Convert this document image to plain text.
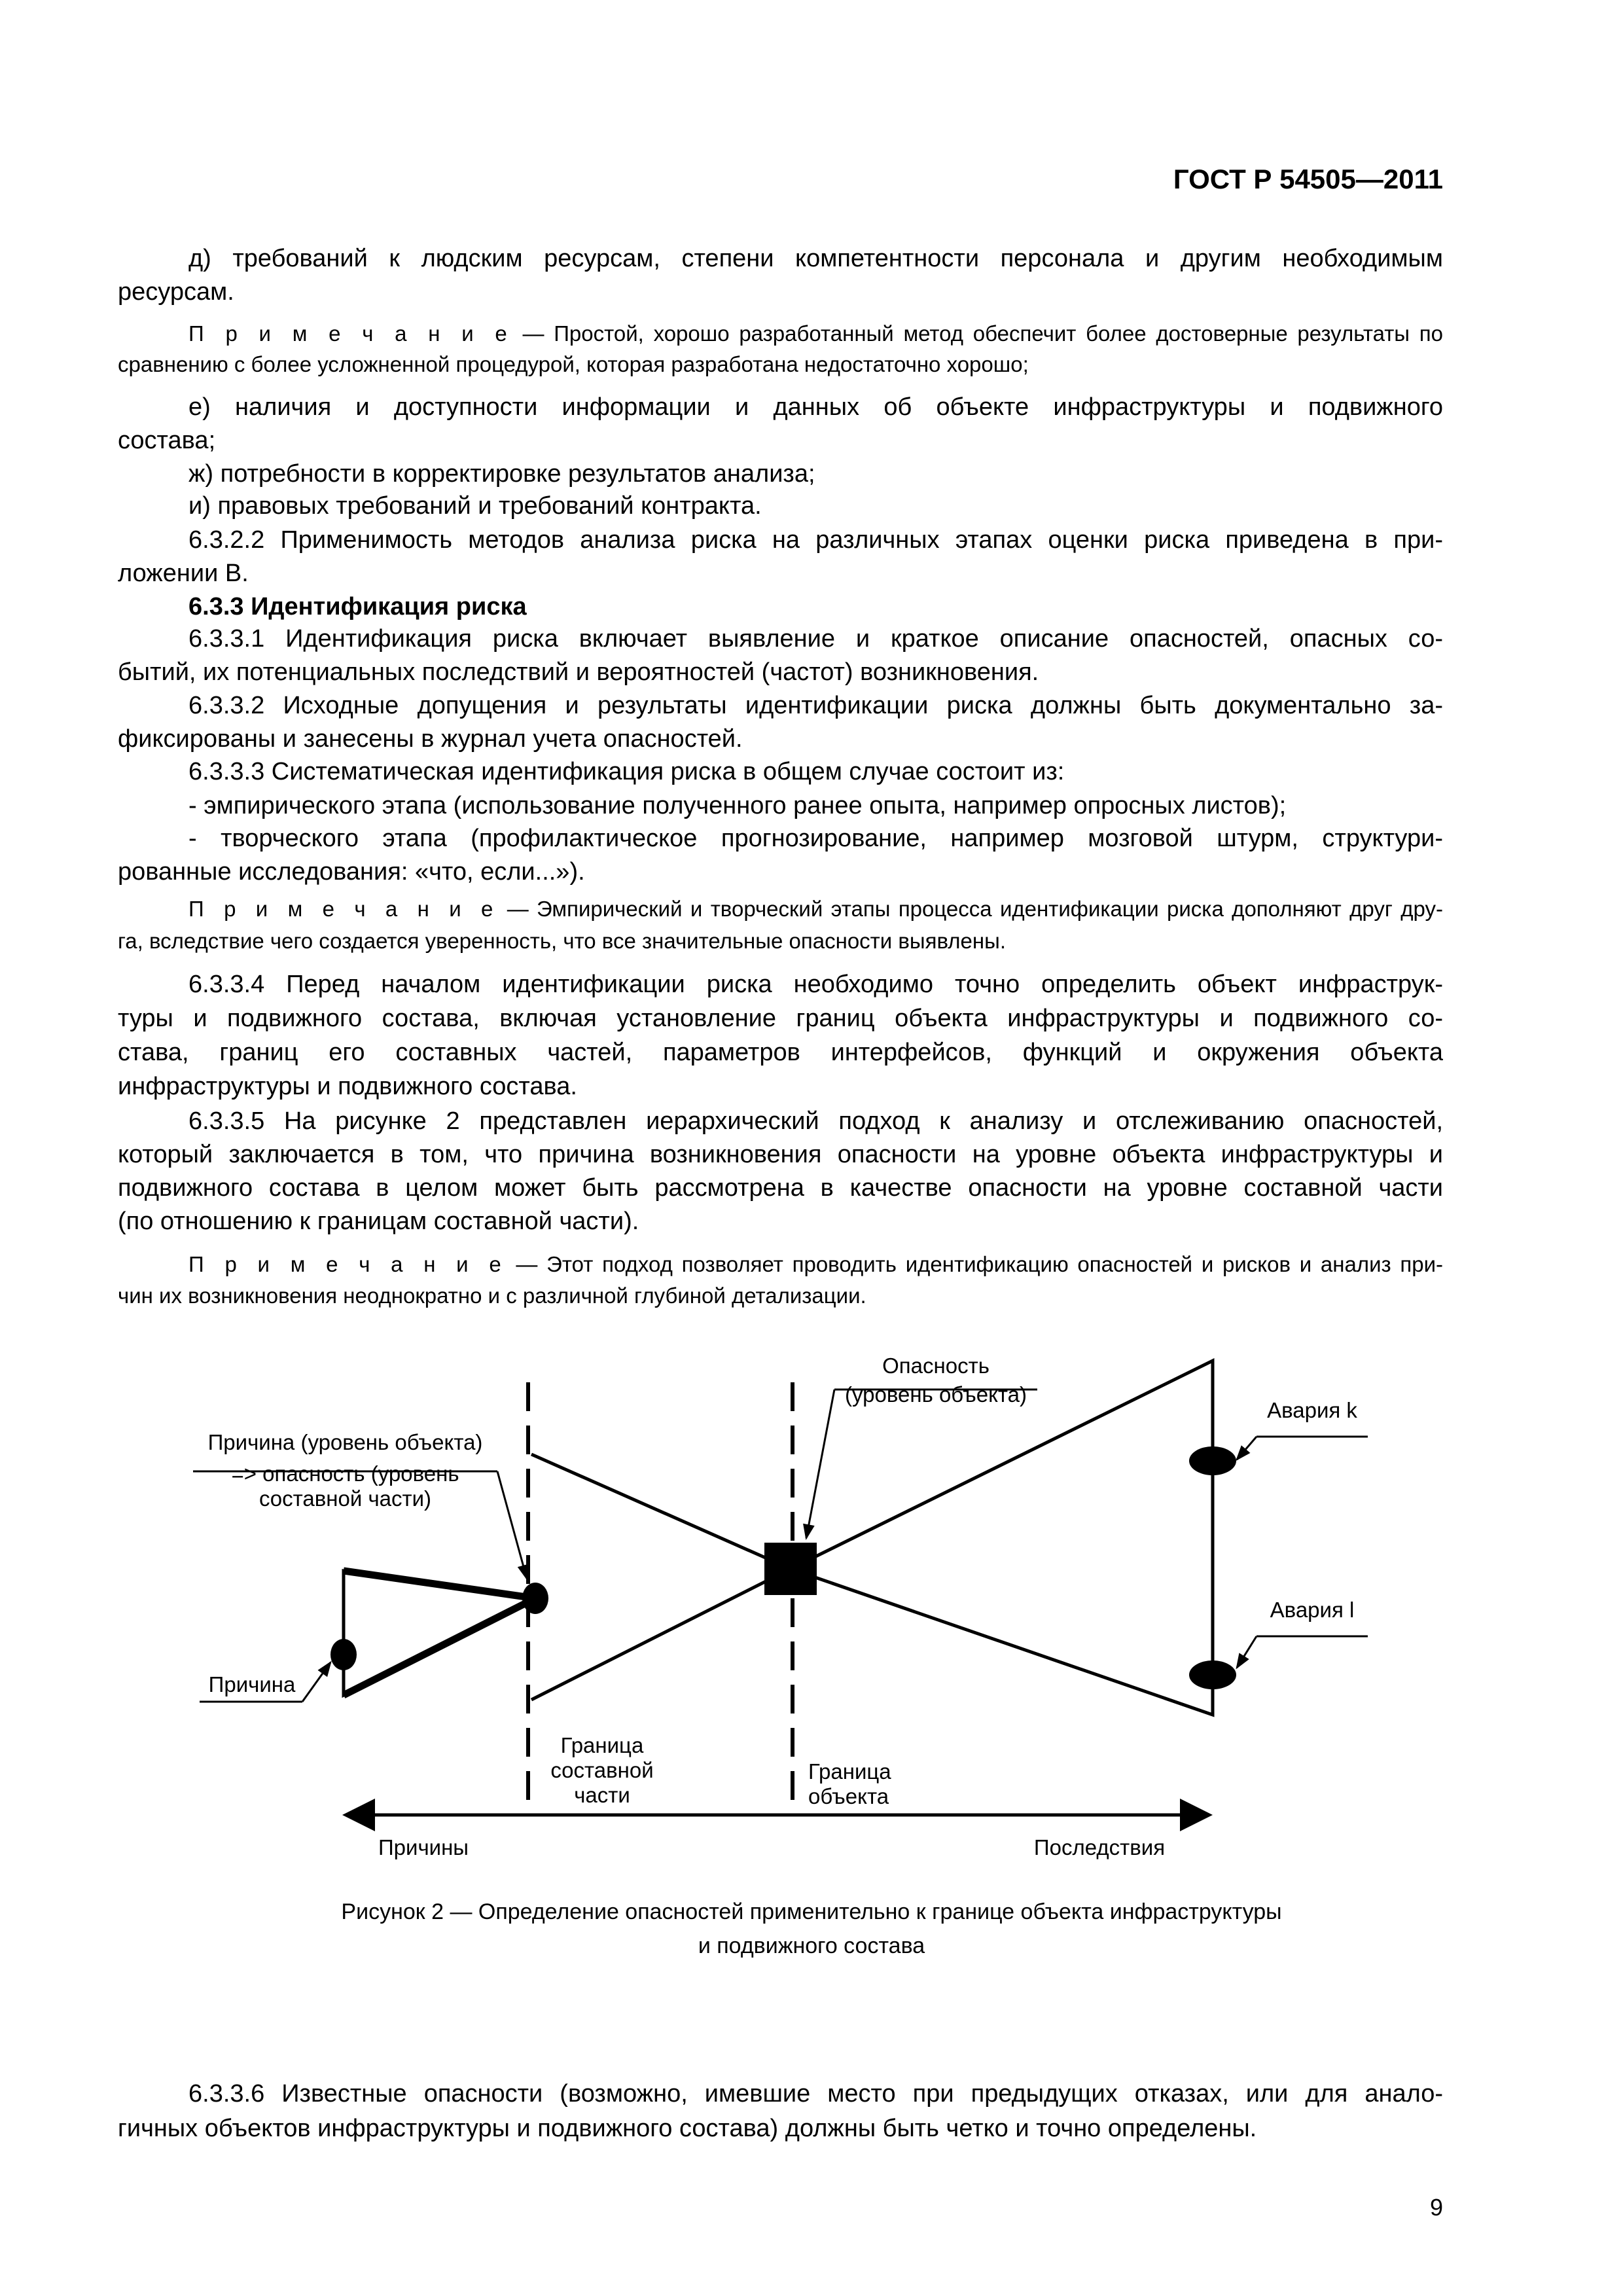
ГОСТ Р 54505—2011
д) требований к людским ресурсам, степени компетентности персонала и другим необходимым
ресурсам.
П р и м е ч а н и е — Простой, хорошо разработанный метод обеспечит более достоверные результаты по
сравнению с более усложненной процедурой, которая разработана недостаточно хорошо;
е) наличия и доступности информации и данных об объекте инфраструктуры и подвижного
состава;
ж) потребности в корректировке результатов анализа;
и) правовых требований и требований контракта.
6.3.2.2 Применимость методов анализа риска на различных этапах оценки риска приведена в при-
ложении В.
6.3.3 Идентификация риска
6.3.3.1 Идентификация риска включает выявление и краткое описание опасностей, опасных со-
бытий, их потенциальных последствий и вероятностей (частот) возникновения.
6.3.3.2 Исходные допущения и результаты идентификации риска должны быть документально за-
фиксированы и занесены в журнал учета опасностей.
6.3.3.3 Систематическая идентификация риска в общем случае состоит из:
- эмпирического этапа (использование полученного ранее опыта, например опросных листов);
- творческого этапа (профилактическое прогнозирование, например мозговой штурм, структури-
рованные исследования: «что, если...»).
П р и м е ч а н и е — Эмпирический и творческий этапы процесса идентификации риска дополняют друг дру-
га, вследствие чего создается уверенность, что все значительные опасности выявлены.
6.3.3.4 Перед началом идентификации риска необходимо точно определить объект инфраструк-
туры и подвижного состава, включая установление границ объекта инфраструктуры и подвижного со-
става, границ его составных частей, параметров интерфейсов, функций и окружения объекта
инфраструктуры и подвижного состава.
6.3.3.5 На рисунке 2 представлен иерархический подход к анализу и отслеживанию опасностей,
который заключается в том, что причина возникновения опасности на уровне объекта инфраструктуры и
подвижного состава в целом может быть рассмотрена в качестве опасности на уровне составной части
(по отношению к границам составной части).
П р и м е ч а н и е — Этот подход позволяет проводить идентификацию опасностей и рисков и анализ при-
чин их возникновения неоднократно и с различной глубиной детализации.
6.3.3.6 Известные опасности (возможно, имевшие место при предыдущих отказах, или для анало-
гичных объектов инфраструктуры и подвижного состава) должны быть четко и точно определены.
Причина (уровень объекта)
=> опасность (уровень
составной части)
Опасность
(уровень объекта)
Авария k
Авария l
Причина
Граница
составной
части
Граница
объекта
Причины	Последствия
Рисунок 2 — Определение опасностей применительно к границе объекта инфраструктуры
и подвижного состава
9
